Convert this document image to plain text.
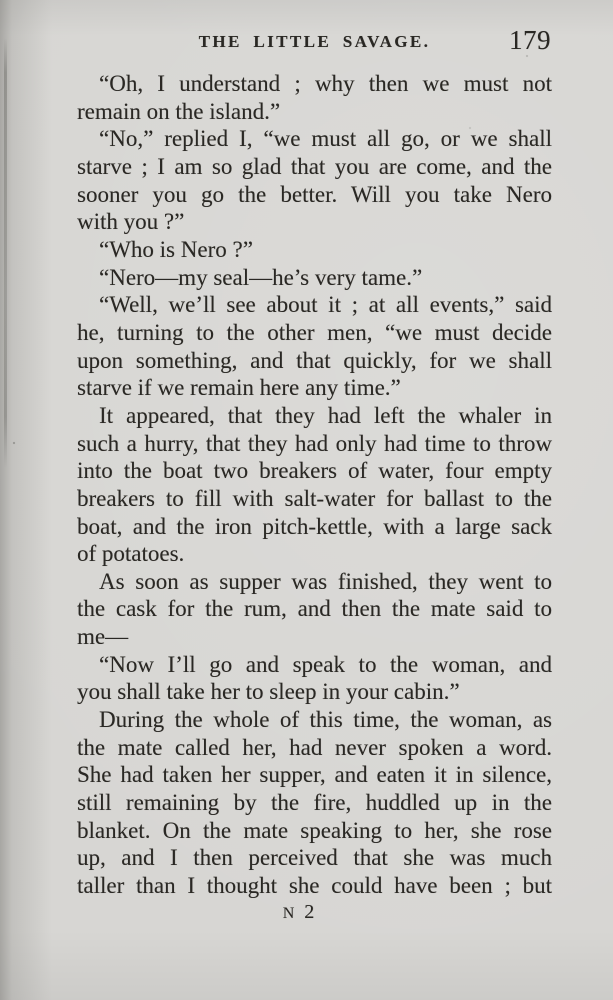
THE LITTLE SAVAGE.	179

“Oh, I understand ; why then we must not
remain on the island.”

“No,” replied I, “we must all go, or we shall
starve ; I am so glad that you are come, and the
sooner you go the better. Will you take Nero
with you ?”

“Who is Nero ?”

“Nero—my seal—he’s very tame.”

“Well, we’ll see about it ; at all events,” said
he, turning to the other men, “we must decide
upon something, and that quickly, for we shall
starve if we remain here any time.”

It appeared, that they had left the whaler in
such a hurry, that they had only had time to throw
into the boat two breakers of water, four empty
breakers to fill with salt-water for ballast to the
boat, and the iron pitch-kettle, with a large sack
of potatoes.

As soon as supper was finished, they went to
the cask for the rum, and then the mate said to
me—

“Now I’ll go and speak to the woman, and
you shall take her to sleep in your cabin.”

During the whole of this time, the woman, as
the mate called her, had never spoken a word.
She had taken her supper, and eaten it in silence,
still remaining by the fire, huddled up in the
blanket. On the mate speaking to her, she rose
up, and I then perceived that she was much
taller than I thought she could have been ; but

N 2
